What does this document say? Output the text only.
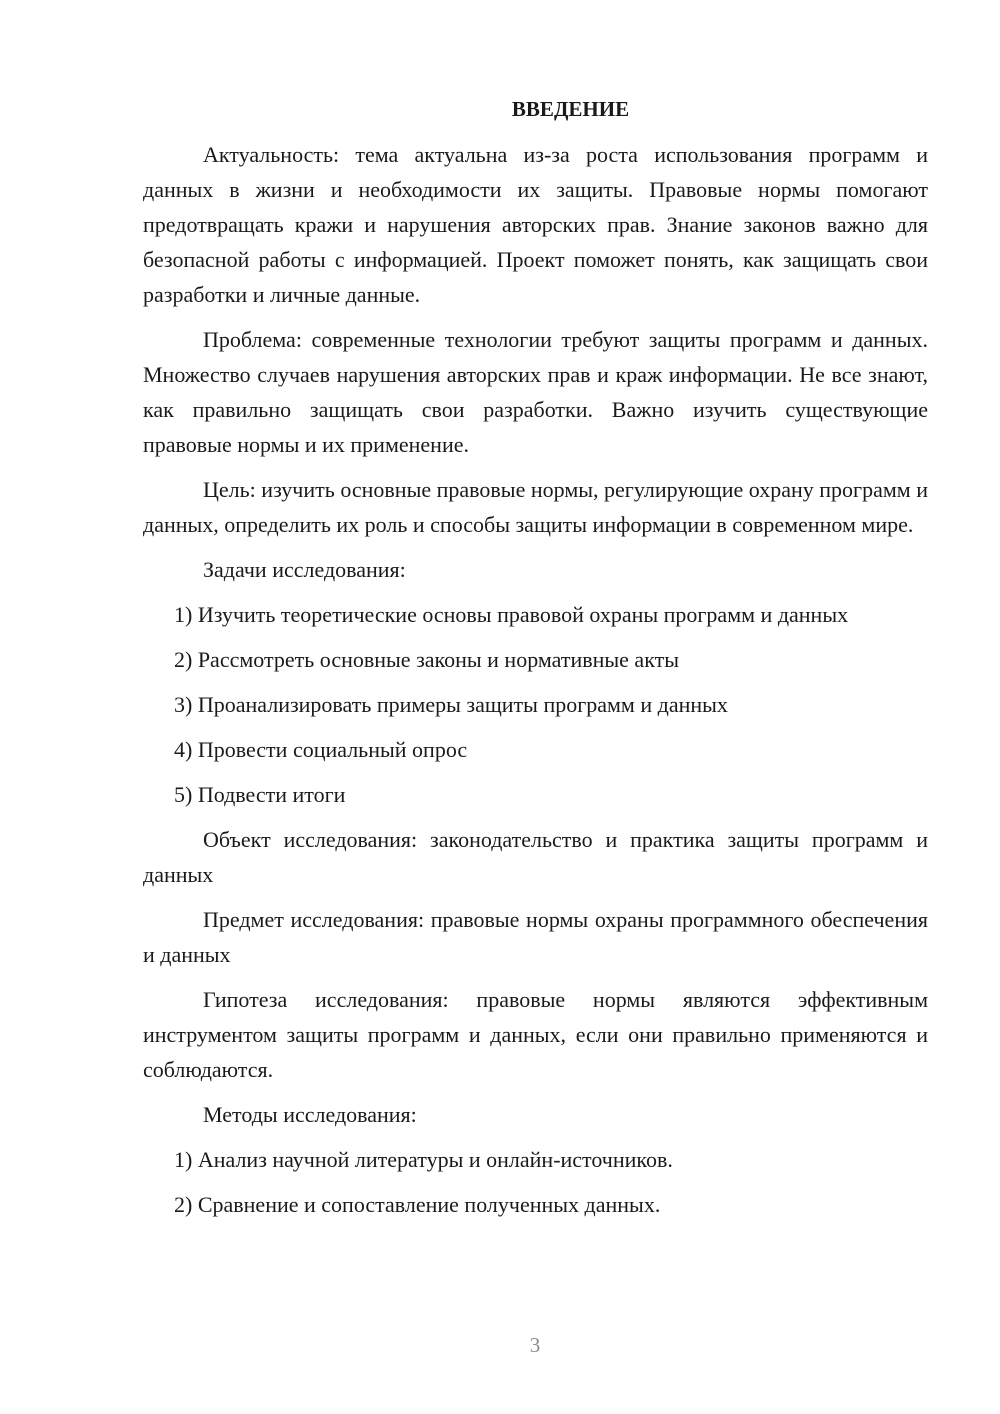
ВВЕДЕНИЕ

Актуальность: тема актуальна из-за роста использования программ и данных в жизни и необходимости их защиты. Правовые нормы помогают предотвращать кражи и нарушения авторских прав. Знание законов важно для безопасной работы с информацией. Проект поможет понять, как защищать свои разработки и личные данные.

Проблема: современные технологии требуют защиты программ и данных. Множество случаев нарушения авторских прав и краж информации. Не все знают, как правильно защищать свои разработки. Важно изучить существующие правовые нормы и их применение.

Цель: изучить основные правовые нормы, регулирующие охрану программ и данных, определить их роль и способы защиты информации в современном мире.

Задачи исследования:

1) Изучить теоретические основы правовой охраны программ и данных

2) Рассмотреть основные законы и нормативные акты

3) Проанализировать примеры защиты программ и данных

4) Провести социальный опрос

5) Подвести итоги

Объект исследования: законодательство и практика защиты программ и данных

Предмет исследования: правовые нормы охраны программного обеспечения и данных

Гипотеза исследования: правовые нормы являются эффективным инструментом защиты программ и данных, если они правильно применяются и соблюдаются.

Методы исследования:

1) Анализ научной литературы и онлайн-источников.

2) Сравнение и сопоставление полученных данных.

3
